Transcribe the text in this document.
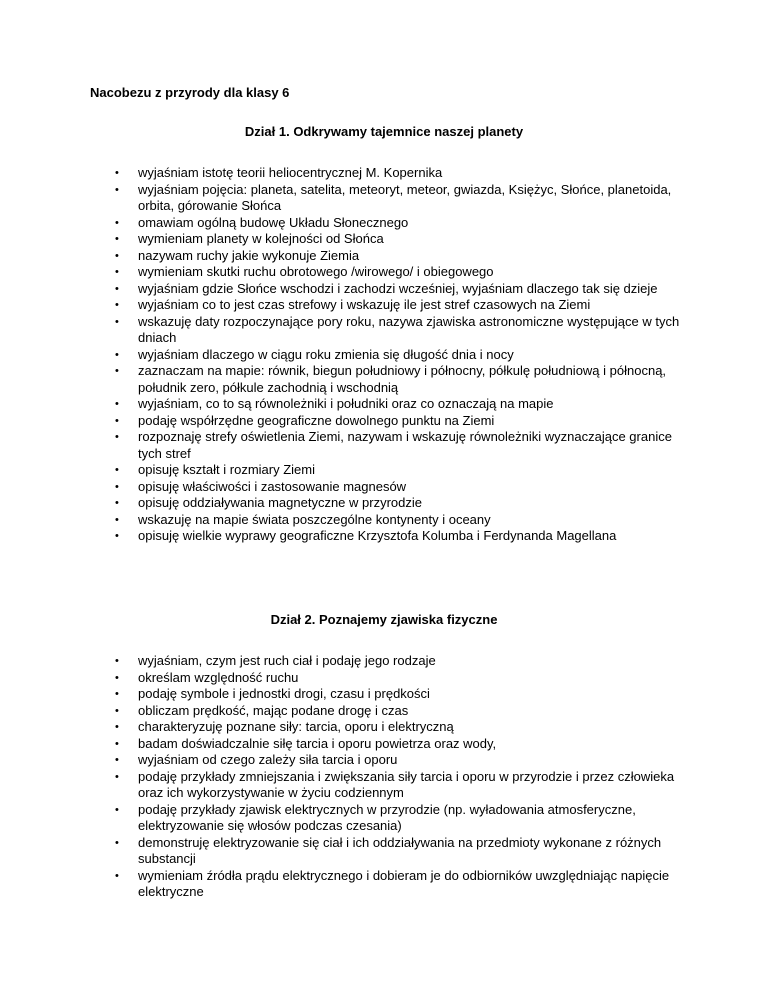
Nacobezu z przyrody dla klasy 6
Dział 1. Odkrywamy tajemnice naszej planety
• wyjaśniam istotę teorii heliocentrycznej M. Kopernika
• wyjaśniam pojęcia: planeta, satelita, meteoryt, meteor, gwiazda, Księżyc, Słońce, planetoida, orbita, górowanie Słońca
• omawiam ogólną budowę Układu Słonecznego
• wymieniam planety w kolejności od Słońca
• nazywam ruchy jakie wykonuje Ziemia
• wymieniam skutki ruchu obrotowego /wirowego/ i obiegowego
• wyjaśniam gdzie Słońce wschodzi i zachodzi wcześniej, wyjaśniam dlaczego tak się dzieje
• wyjaśniam co to jest czas strefowy i wskazuję ile jest stref czasowych na Ziemi
• wskazuję daty rozpoczynające pory roku, nazywa zjawiska astronomiczne występujące w tych dniach
• wyjaśniam dlaczego w ciągu roku zmienia się długość dnia i nocy
• zaznaczam na mapie: równik, biegun południowy i północny, półkulę południową i północną, południk zero, półkule zachodnią i wschodnią
• wyjaśniam, co to są równoleżniki i południki oraz co oznaczają na mapie
• podaję współrzędne geograficzne dowolnego punktu na Ziemi
• rozpoznaję strefy oświetlenia Ziemi, nazywam i wskazuję równoleżniki wyznaczające granice tych stref
• opisuję kształt i rozmiary Ziemi
• opisuję właściwości i zastosowanie magnesów
• opisuję oddziaływania magnetyczne w przyrodzie
• wskazuję na mapie świata poszczególne kontynenty i oceany
• opisuję wielkie wyprawy geograficzne Krzysztofa Kolumba i Ferdynanda Magellana
Dział 2. Poznajemy zjawiska fizyczne
• wyjaśniam, czym jest ruch ciał i podaję jego rodzaje
• określam względność ruchu
• podaję symbole i jednostki drogi, czasu i prędkości
• obliczam prędkość, mając podane drogę i czas
• charakteryzuję poznane siły: tarcia, oporu i elektryczną
• badam doświadczalnie siłę tarcia i oporu powietrza oraz wody,
• wyjaśniam od czego zależy siła tarcia i oporu
• podaję przykłady zmniejszania i zwiększania siły tarcia i oporu w przyrodzie i przez człowieka oraz ich wykorzystywanie w życiu codziennym
• podaję przykłady zjawisk elektrycznych w przyrodzie (np. wyładowania atmosferyczne, elektryzowanie się włosów podczas czesania)
• demonstruję elektryzowanie się ciał i ich oddziaływania na przedmioty wykonane z różnych substancji
• wymieniam źródła prądu elektrycznego i dobieram je do odbiorników uwzględniając napięcie elektryczne
